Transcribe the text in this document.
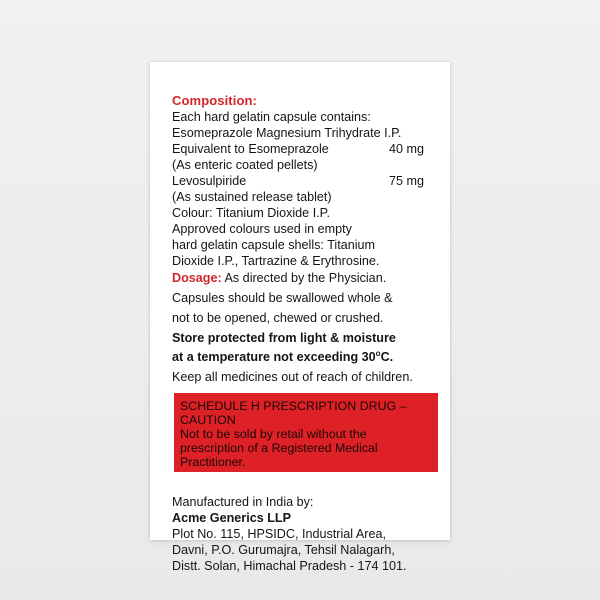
Composition:
Each hard gelatin capsule contains:
Esomeprazole Magnesium Trihydrate I.P.
Equivalent to Esomeprazole	40 mg
(As enteric coated pellets)
Levosulpiride	75 mg
(As sustained release tablet)
Colour: Titanium Dioxide I.P.
Approved colours used in empty
hard gelatin capsule shells: Titanium
Dioxide I.P., Tartrazine & Erythrosine.
Dosage: As directed by the Physician.
Capsules should be swallowed whole &
not to be opened, chewed or crushed.
Store protected from light & moisture
at a temperature not exceeding 30$^o$C.
Keep all medicines out of reach of children.
SCHEDULE H PRESCRIPTION DRUG –
CAUTION
Not to be sold by retail without the
prescription of a Registered Medical
Practitioner.
Manufactured in India by:
Acme Generics LLP
Plot No. 115, HPSIDC, Industrial Area,
Davni, P.O. Gurumajra, Tehsil Nalagarh,
Distt. Solan, Himachal Pradesh - 174 101.
